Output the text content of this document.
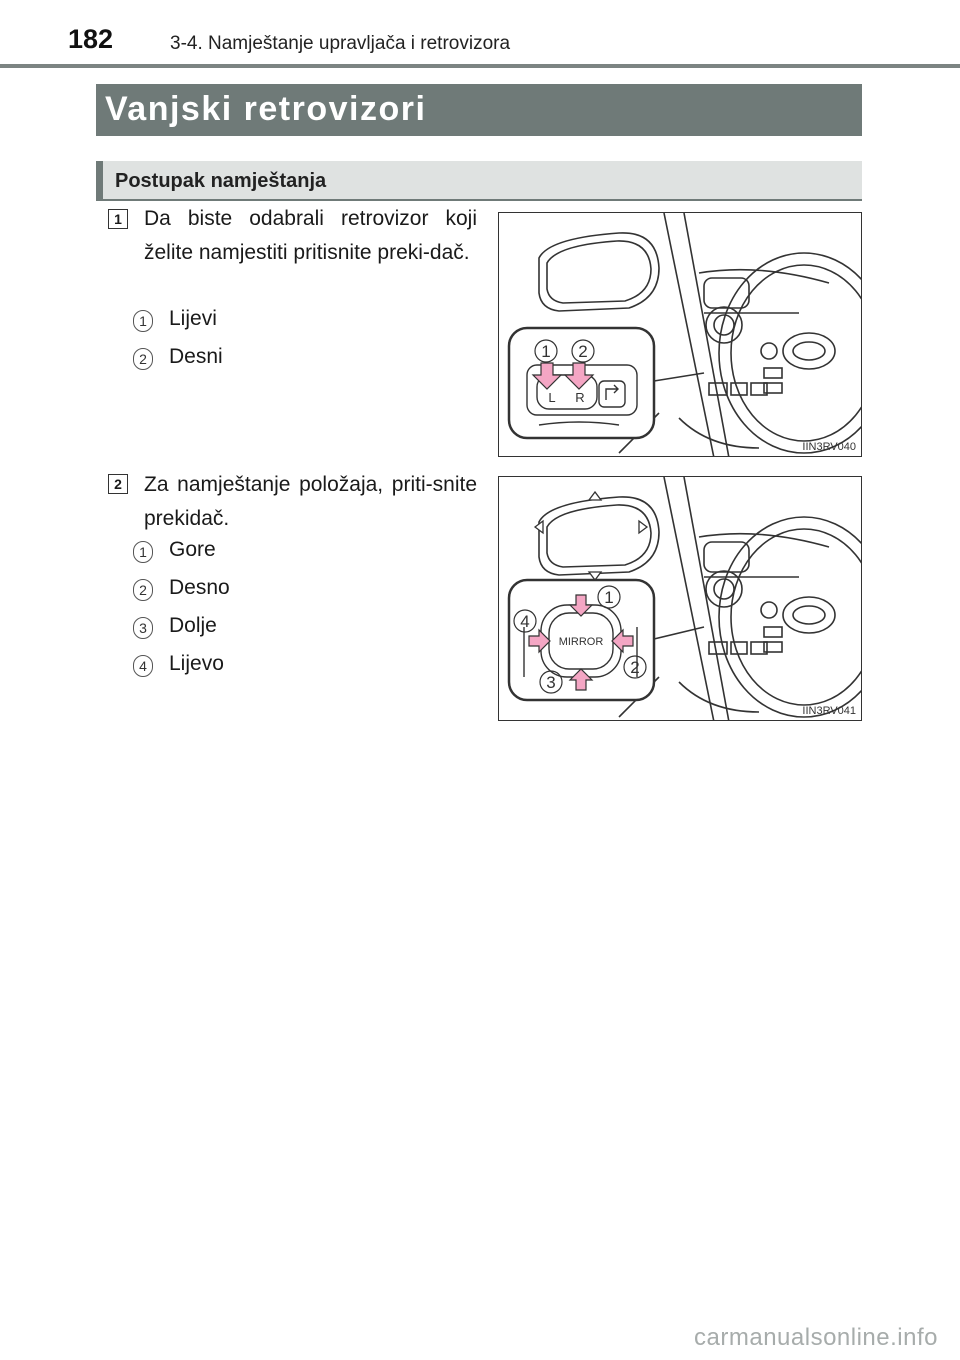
182	3-4. Namještanje upravljača i retrovizora
Vanjski retrovizori
Postupak namještanja
1 Da biste odabrali retrovizor koji želite namjestiti pritisnite preki-dač.
1 Lijevi
2 Desni	1 2
L R
IIN3RV040
2 Za namještanje položaja, priti-snite prekidač.
1 Gore
2 Desno
3 Dolje
4 Lijevo
MIRROR
1
2
3
4
IIN3RV041
carmanualsonline.info
